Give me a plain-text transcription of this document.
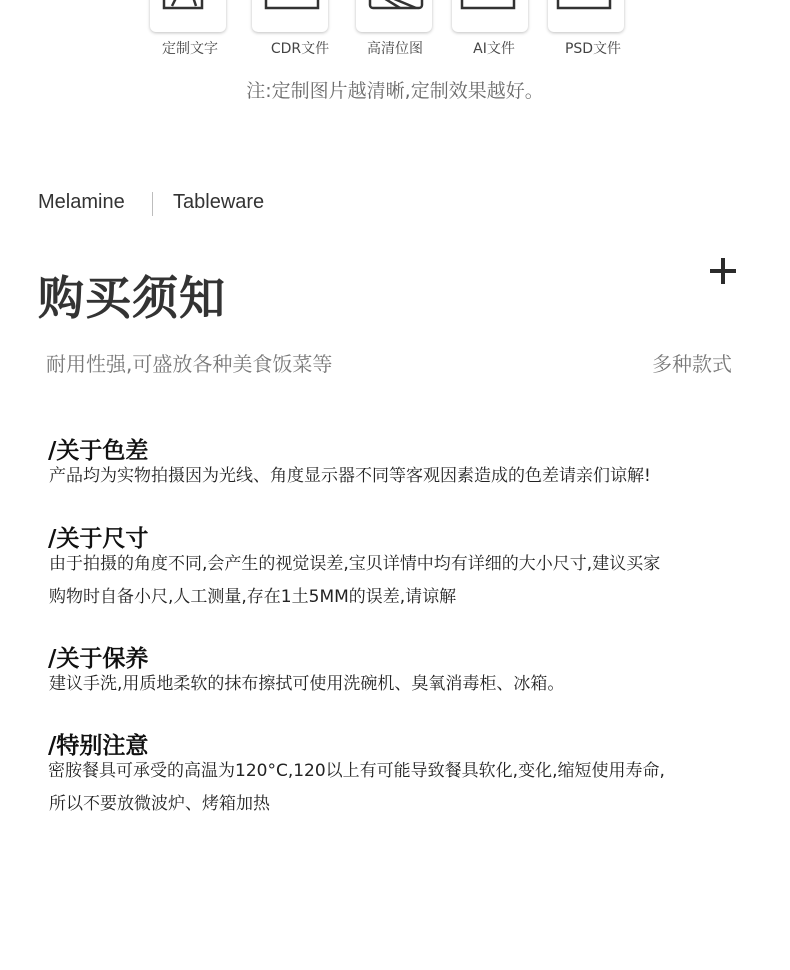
定制文字	CDR文件	高清位图	AI文件	PSD文件
注:定制图片越清晰,定制效果越好。
Melamine Tableware
购买须知
耐用性强,可盛放各种美食饭菜等	多种款式
/关于色差
产品均为实物拍摄因为光线、角度显示器不同等客观因素造成的色差请亲们谅解!
/关于尺寸
由于拍摄的角度不同,会产生的视觉误差,宝贝详情中均有详细的大小尺寸,建议买家
购物时自备小尺,人工测量,存在1土5MM的误差,请谅解
/关于保养
建议手洗,用质地柔软的抹布擦拭可使用洗碗机、臭氧消毒柜、冰箱。
/特别注意
密胺餐具可承受的高温为120°C,120以上有可能导致餐具软化,变化,缩短使用寿命,
所以不要放微波炉、烤箱加热
